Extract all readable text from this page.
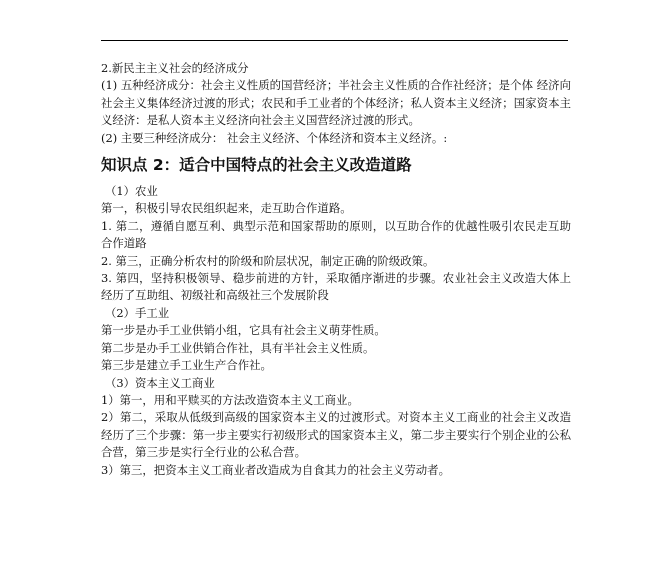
2.新民主主义社会的经济成分

(1) 五种经济成分：社会主义性质的国营经济；半社会主义性质的合作社经济；是个体 经济向社会主义集体经济过渡的形式；农民和手工业者的个体经济；私人资本主义经济；国家资本主义经济：是私人资本主义经济向社会主义国营经济过渡的形式。

(2) 主要三种经济成分： 社会主义经济、个体经济和资本主义经济。:

知识点 2：适合中国特点的社会主义改造道路

（1）农业

第一，积极引导农民组织起来，走互助合作道路。

1. 第二，遵循自愿互利、典型示范和国家帮助的原则，以互助合作的优越性吸引农民走互助合作道路

2. 第三，正确分析农村的阶级和阶层状况，制定正确的阶级政策。

3. 第四，坚持积极领导、稳步前进的方针，采取循序渐进的步骤。农业社会主义改造大体上经历了互助组、初级社和高级社三个发展阶段

（2）手工业

第一步是办手工业供销小组，它具有社会主义萌芽性质。

第二步是办手工业供销合作社，具有半社会主义性质。

第三步是建立手工业生产合作社。

（3）资本主义工商业

1）第一，用和平赎买的方法改造资本主义工商业。

2）第二，采取从低级到高级的国家资本主义的过渡形式。对资本主义工商业的社会主义改造经历了三个步骤：第一步主要实行初级形式的国家资本主义，第二步主要实行个别企业的公私合营，第三步是实行全行业的公私合营。

3）第三，把资本主义工商业者改造成为自食其力的社会主义劳动者。
